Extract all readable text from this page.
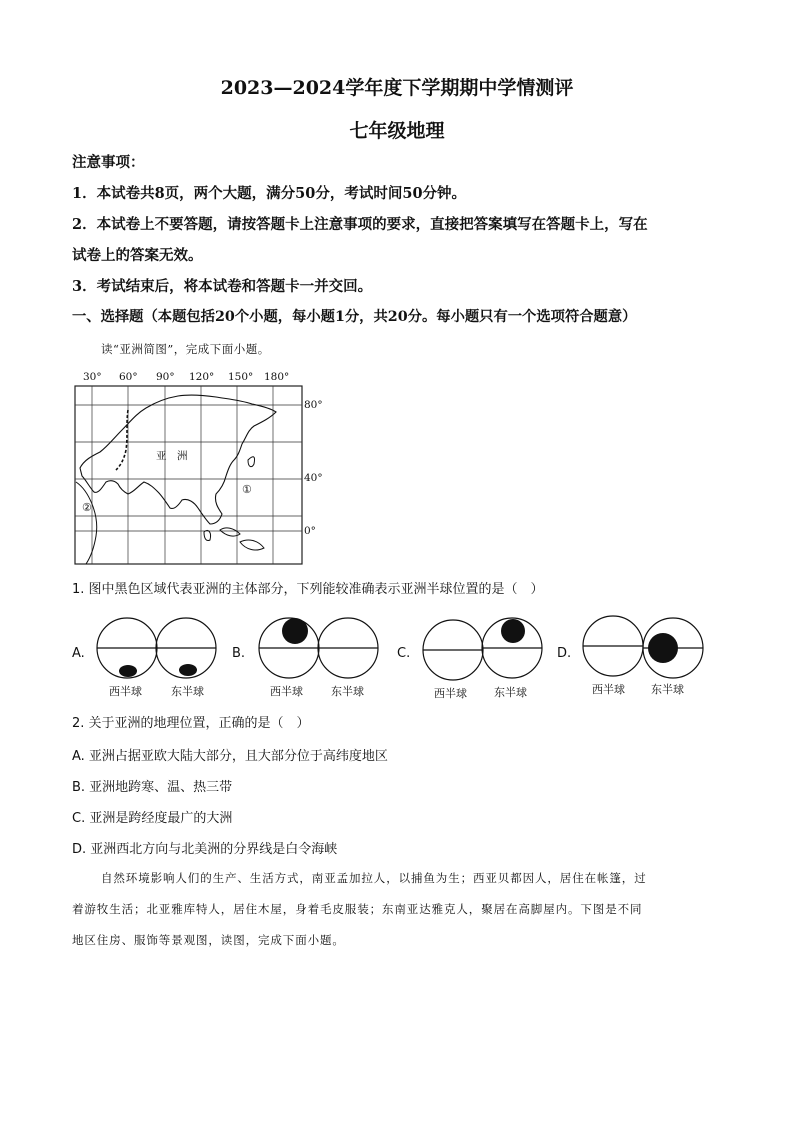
2023—2024学年度下学期期中学情测评
七年级地理
注意事项：
1．本试卷共8页，两个大题，满分50分，考试时间50分钟。
2．本试卷上不要答题，请按答题卡上注意事项的要求，直接把答案填写在答题卡上，写在
试卷上的答案无效。
3．考试结束后，将本试卷和答题卡一并交回。
一、选择题（本题包括20个小题，每小题1分，共20分。每小题只有一个选项符合题意）
读“亚洲简图”，完成下面小题。
30° 60° 90° 120° 150° 180°
80°
40°
0°
亚　洲
①
②
1. 图中黑色区域代表亚洲的主体部分，下列能较准确表示亚洲半球位置的是（　）
A.
西半球	东半球
B.
西半球	东半球
C.
西半球 东半球
D.
西半球 东半球
2. 关于亚洲的地理位置，正确的是（　）
A. 亚洲占据亚欧大陆大部分，且大部分位于高纬度地区
B. 亚洲地跨寒、温、热三带
C. 亚洲是跨经度最广的大洲
D. 亚洲西北方向与北美洲的分界线是白令海峡
自然环境影响人们的生产、生活方式，南亚孟加拉人，以捕鱼为生；西亚贝都因人，居住在帐篷，过
着游牧生活；北亚雅库特人，居住木屋，身着毛皮服装；东南亚达雅克人，聚居在高脚屋内。下图是不同
地区住房、服饰等景观图，读图，完成下面小题。
